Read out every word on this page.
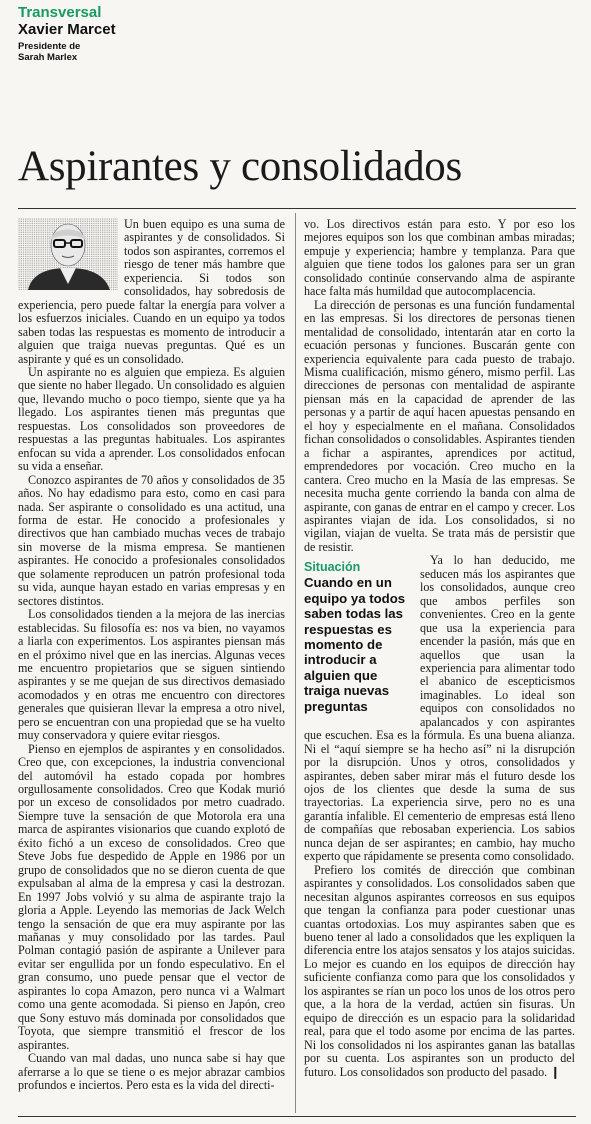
Transversal
Xavier Marcet
Presidente de
Sarah Marlex
Aspirantes y consolidados

Un buen equipo es una suma de aspirantes y de consolidados. Si todos son aspirantes, corremos el riesgo de tener más hambre que experiencia. Si todos son consolidados, hay sobredosis de experiencia, pero puede faltar la energía para volver a los esfuerzos iniciales. Cuando en un equipo ya todos saben todas las respuestas es momento de introducir a alguien que traiga nuevas preguntas. Qué es un aspirante y qué es un consolidado.

Un aspirante no es alguien que empieza. Es alguien que siente no haber llegado. Un consolidado es alguien que, llevando mucho o poco tiempo, siente que ya ha llegado. Los aspirantes tienen más preguntas que respuestas. Los consolidados son proveedores de respuestas a las preguntas habituales. Los aspirantes enfocan su vida a aprender. Los consolidados enfocan su vida a enseñar.

Conozco aspirantes de 70 años y consolidados de 35 años. No hay edadismo para esto, como en casi para nada. Ser aspirante o consolidado es una actitud, una forma de estar. He conocido a profesionales y directivos que han cambiado muchas veces de trabajo sin moverse de la misma empresa. Se mantienen aspirantes. He conocido a profesionales consolidados que solamente reproducen un patrón profesional toda su vida, aunque hayan estado en varias empresas y en sectores distintos.

Los consolidados tienden a la mejora de las inercias establecidas. Su filosofía es: nos va bien, no vayamos a liarla con experimentos. Los aspirantes piensan más en el próximo nivel que en las inercias. Algunas veces me encuentro propietarios que se siguen sintiendo aspirantes y se me quejan de sus directivos demasiado acomodados y en otras me encuentro con directores generales que quisieran llevar la empresa a otro nivel, pero se encuentran con una propiedad que se ha vuelto muy conservadora y quiere evitar riesgos.

Pienso en ejemplos de aspirantes y en consolidados. Creo que, con excepciones, la industria convencional del automóvil ha estado copada por hombres orgullosamente consolidados. Creo que Kodak murió por un exceso de consolidados por metro cuadrado. Siempre tuve la sensación de que Motorola era una marca de aspirantes visionarios que cuando explotó de éxito fichó a un exceso de consolidados. Creo que Steve Jobs fue despedido de Apple en 1986 por un grupo de consolidados que no se dieron cuenta de que expulsaban al alma de la empresa y casi la destrozan. En 1997 Jobs volvió y su alma de aspirante trajo la gloria a Apple. Leyendo las memorias de Jack Welch tengo la sensación de que era muy aspirante por las mañanas y muy consolidado por las tardes. Paul Polman contagió pasión de aspirante a Unilever para evitar ser engullida por un fondo especulativo. En el gran consumo, uno puede pensar que el vector de aspirantes lo copa Amazon, pero nunca vi a Walmart como una gente acomodada. Si pienso en Japón, creo que Sony estuvo más dominada por consolidados que Toyota, que siempre transmitió el frescor de los aspirantes.

Cuando van mal dadas, uno nunca sabe si hay que aferrarse a lo que se tiene o es mejor abrazar cambios profundos e inciertos. Pero esta es la vida del directi-

vo. Los directivos están para esto. Y por eso los mejores equipos son los que combinan ambas miradas; empuje y experiencia; hambre y templanza. Para que alguien que tiene todos los galones para ser un gran consolidado continúe conservando alma de aspirante hace falta más humildad que autocomplacencia.

La dirección de personas es una función fundamental en las empresas. Si los directores de personas tienen mentalidad de consolidado, intentarán atar en corto la ecuación personas y funciones. Buscarán gente con experiencia equivalente para cada puesto de trabajo. Misma cualificación, mismo género, mismo perfil. Las direcciones de personas con mentalidad de aspirante piensan más en la capacidad de aprender de las personas y a partir de aquí hacen apuestas pensando en el hoy y especialmente en el mañana. Consolidados fichan consolidados o consolidables. Aspirantes tienden a fichar a aspirantes, aprendices por actitud, emprendedores por vocación. Creo mucho en la cantera. Creo mucho en la Masía de las empresas. Se necesita mucha gente corriendo la banda con alma de aspirante, con ganas de entrar en el campo y crecer. Los aspirantes viajan de ida. Los consolidados, si no vigilan, viajan de vuelta. Se trata más de persistir que de resistir.

Situación
Cuando en un equipo ya todos saben todas las respuestas es momento de introducir a alguien que traiga nuevas preguntas

Ya lo han deducido, me seducen más los aspirantes que los consolidados, aunque creo que ambos perfiles son convenientes. Creo en la gente que usa la experiencia para encender la pasión, más que en aquellos que usan la experiencia para alimentar todo el abanico de escepticismos imaginables. Lo ideal son equipos con consolidados no apalancados y con aspirantes que escuchen. Esa es la fórmula. Es una buena alianza. Ni el “aquí siempre se ha hecho así” ni la disrupción por la disrupción. Unos y otros, consolidados y aspirantes, deben saber mirar más el futuro desde los ojos de los clientes que desde la suma de sus trayectorias. La experiencia sirve, pero no es una garantía infalible. El cementerio de empresas está lleno de compañías que rebosaban experiencia. Los sabios nunca dejan de ser aspirantes; en cambio, hay mucho experto que rápidamente se presenta como consolidado.

Prefiero los comités de dirección que combinan aspirantes y consolidados. Los consolidados saben que necesitan algunos aspirantes correosos en sus equipos que tengan la confianza para poder cuestionar unas cuantas ortodoxias. Los muy aspirantes saben que es bueno tener al lado a consolidados que les expliquen la diferencia entre los atajos sensatos y los atajos suicidas. Lo mejor es cuando en los equipos de dirección hay suficiente confianza como para que los consolidados y los aspirantes se rían un poco los unos de los otros pero que, a la hora de la verdad, actúen sin fisuras. Un equipo de dirección es un espacio para la solidaridad real, para que el todo asome por encima de las partes. Ni los consolidados ni los aspirantes ganan las batallas por su cuenta. Los aspirantes son un producto del futuro. Los consolidados son producto del pasado. ❙
